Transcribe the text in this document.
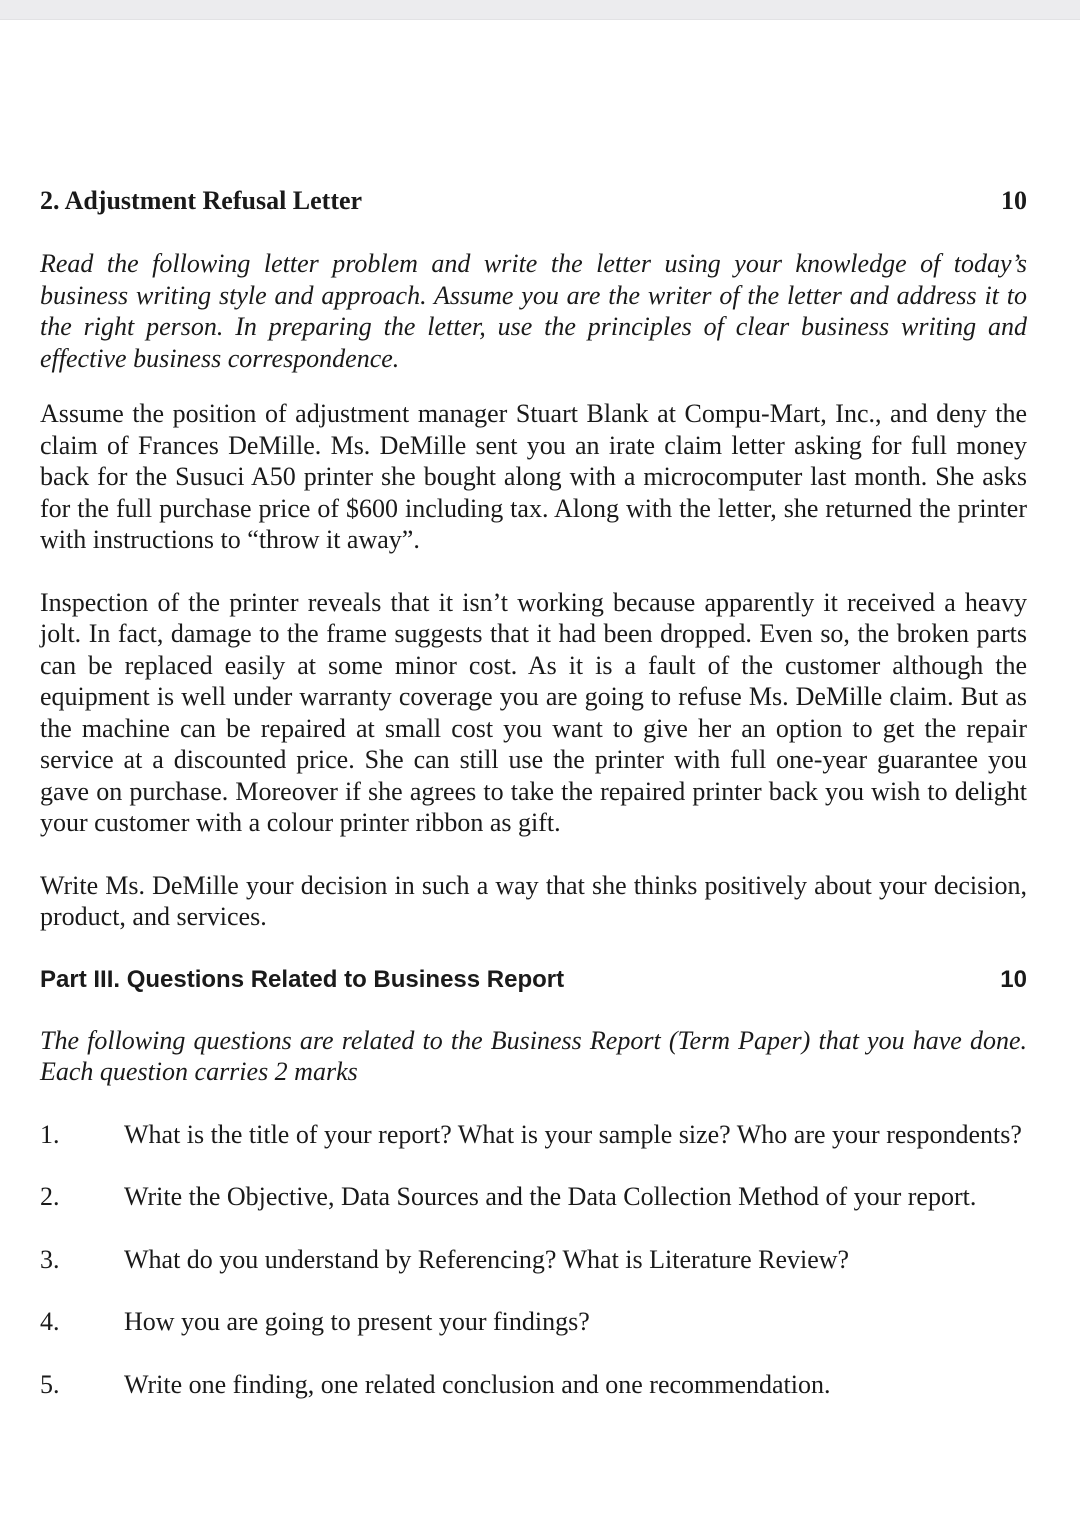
2. Adjustment Refusal Letter	10

Read the following letter problem and write the letter using your knowledge of today’s business writing style and approach. Assume you are the writer of the letter and address it to the right person. In preparing the letter, use the principles of clear business writing and effective business correspondence.

Assume the position of adjustment manager Stuart Blank at Compu-Mart, Inc., and deny the claim of Frances DeMille. Ms. DeMille sent you an irate claim letter asking for full money back for the Susuci A50 printer she bought along with a microcomputer last month. She asks for the full purchase price of $600 including tax. Along with the letter, she returned the printer with instructions to “throw it away”.

Inspection of the printer reveals that it isn’t working because apparently it received a heavy jolt. In fact, damage to the frame suggests that it had been dropped. Even so, the broken parts can be replaced easily at some minor cost. As it is a fault of the customer although the equipment is well under warranty coverage you are going to refuse Ms. DeMille claim. But as the machine can be repaired at small cost you want to give her an option to get the repair service at a discounted price. She can still use the printer with full one-year guarantee you gave on purchase. Moreover if she agrees to take the repaired printer back you wish to delight your customer with a colour printer ribbon as gift.

Write Ms. DeMille your decision in such a way that she thinks positively about your decision, product, and services.

Part III. Questions Related to Business Report	10

The following questions are related to the Business Report (Term Paper) that you have done. Each question carries 2 marks

1.	What is the title of your report? What is your sample size? Who are your respondents?
2.	Write the Objective, Data Sources and the Data Collection Method of your report.
3.	What do you understand by Referencing? What is Literature Review?
4.	How you are going to present your findings?
5.	Write one finding, one related conclusion and one recommendation.
